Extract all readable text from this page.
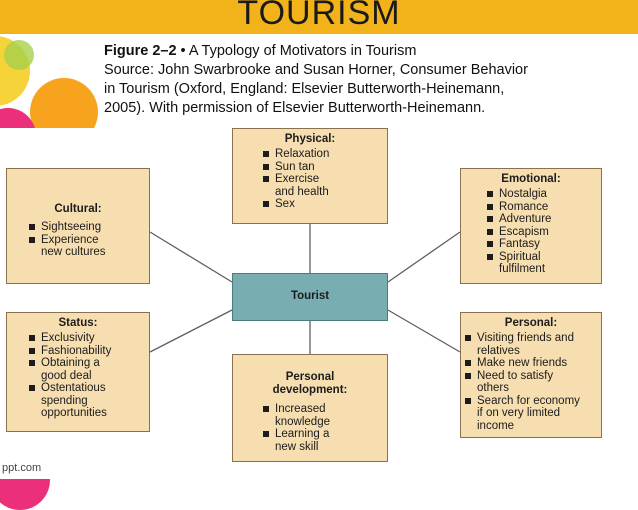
TOURISM
Figure 2–2 • A Typology of Motivators in Tourism
Source: John Swarbrooke and Susan Horner, Consumer Behavior
in Tourism (Oxford, England: Elsevier Butterworth-Heinemann,
2005). With permission of Elsevier Butterworth-Heinemann.
Physical:
Relaxation
Sun tan
Exercise
and health
Sex
Cultural:
Sightseeing
Experience
new cultures
Emotional:
Nostalgia
Romance
Adventure
Escapism
Fantasy
Spiritual
fulfilment
Tourist
Status:
Exclusivity
Fashionability
Obtaining a
good deal
Ostentatious
spending
opportunities
Personal
development:
Increased
knowledge
Learning a
new skill
Personal:
Visiting friends and
relatives
Make new friends
Need to satisfy
others
Search for economy
if on very limited
income
ppt.com
